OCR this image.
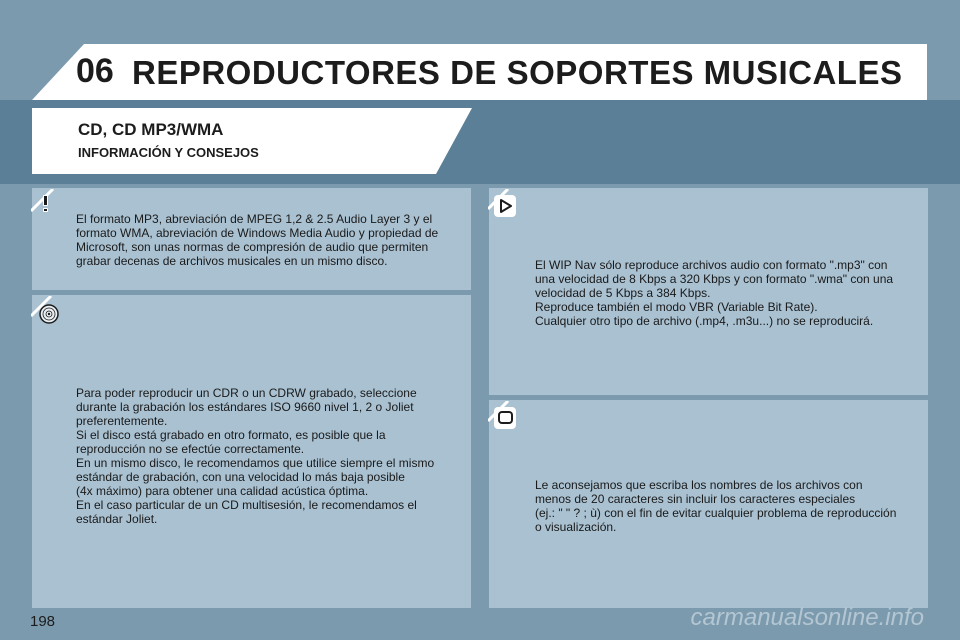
06 REPRODUCTORES DE SOPORTES MUSICALES
CD, CD MP3/WMA
INFORMACIÓN Y CONSEJOS

El formato MP3, abreviación de MPEG 1,2 & 2.5 Audio Layer 3 y el
formato WMA, abreviación de Windows Media Audio y propiedad de
Microsoft, son unas normas de compresión de audio que permiten
grabar decenas de archivos musicales en un mismo disco.

Para poder reproducir un CDR o un CDRW grabado, seleccione
durante la grabación los estándares ISO 9660 nivel 1, 2 o Joliet
preferentemente.
Si el disco está grabado en otro formato, es posible que la
reproducción no se efectúe correctamente.
En un mismo disco, le recomendamos que utilice siempre el mismo
estándar de grabación, con una velocidad lo más baja posible
(4x máximo) para obtener una calidad acústica óptima.
En el caso particular de un CD multisesión, le recomendamos el
estándar Joliet.

El WIP Nav sólo reproduce archivos audio con formato ".mp3" con
una velocidad de 8 Kbps a 320 Kbps y con formato ".wma" con una
velocidad de 5 Kbps a 384 Kbps.
Reproduce también el modo VBR (Variable Bit Rate).
Cualquier otro tipo de archivo (.mp4, .m3u...) no se reproducirá.

Le aconsejamos que escriba los nombres de los archivos con
menos de 20 caracteres sin incluir los caracteres especiales
(ej.: " " ? ; ù) con el fin de evitar cualquier problema de reproducción
o visualización.

198	carmanualsonline.info
